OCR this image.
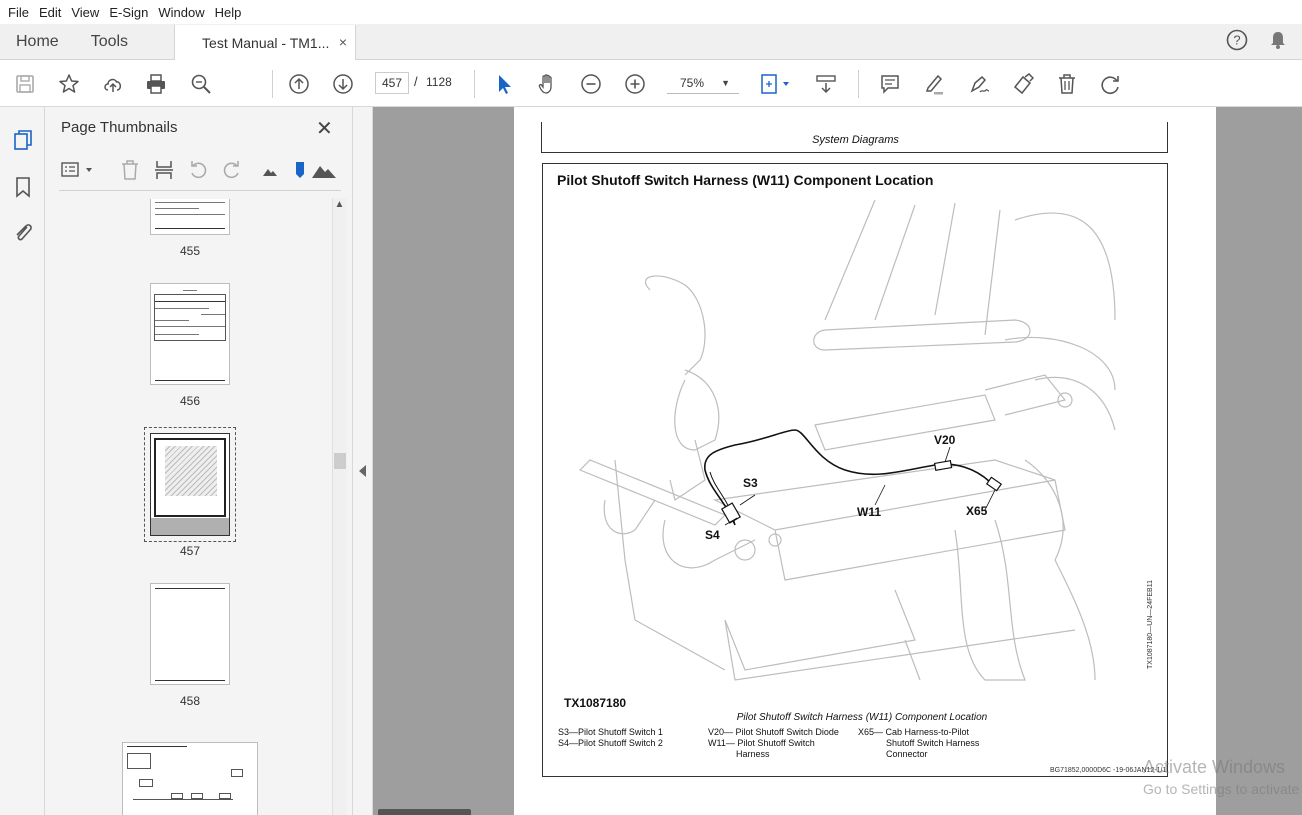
File Edit View E-Sign Window Help
Home	Tools	Test Manual - TM1... ×	?
457 / 1128	75% ▼
Page Thumbnails	✕
455
456
457
458
▲
System Diagrams
Pilot Shutoff Switch Harness (W11) Component Location
S3
S4
V20
W11	X65
TX1087180
TX1087180—UN—24FEB11
Pilot Shutoff Switch Harness (W11) Component Location
S3—Pilot Shutoff Switch 1
S4—Pilot Shutoff Switch 2
V20— Pilot Shutoff Switch Diode
W11— Pilot Shutoff Switch
Harness
X65— Cab Harness-to-Pilot
Shutoff Switch Harness
Connector
BG71852,0000D6C -19-06JAN12-1/1
Activate Windows
Go to Settings to activate
